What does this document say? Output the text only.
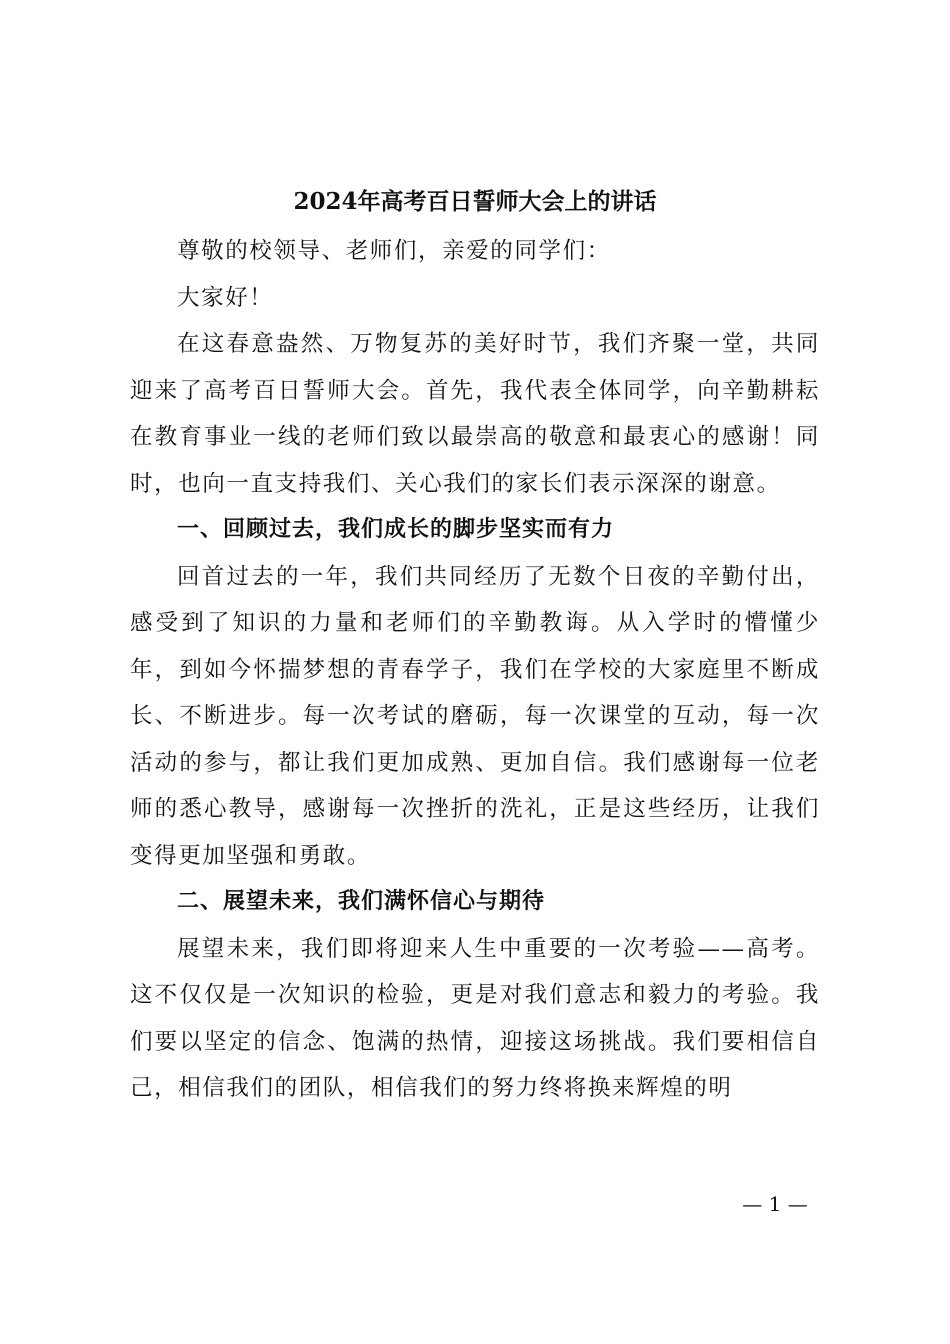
2024年高考百日誓师大会上的讲话

尊敬的校领导、老师们，亲爱的同学们：

大家好！

在这春意盎然、万物复苏的美好时节，我们齐聚一堂，共同迎来了高考百日誓师大会。首先，我代表全体同学，向辛勤耕耘在教育事业一线的老师们致以最崇高的敬意和最衷心的感谢！同时，也向一直支持我们、关心我们的家长们表示深深的谢意。

一、回顾过去，我们成长的脚步坚实而有力

回首过去的一年，我们共同经历了无数个日夜的辛勤付出，感受到了知识的力量和老师们的辛勤教诲。从入学时的懵懂少年，到如今怀揣梦想的青春学子，我们在学校的大家庭里不断成长、不断进步。每一次考试的磨砺，每一次课堂的互动，每一次活动的参与，都让我们更加成熟、更加自信。我们感谢每一位老师的悉心教导，感谢每一次挫折的洗礼，正是这些经历，让我们变得更加坚强和勇敢。

二、展望未来，我们满怀信心与期待

展望未来，我们即将迎来人生中重要的一次考验——高考。这不仅仅是一次知识的检验，更是对我们意志和毅力的考验。我们要以坚定的信念、饱满的热情，迎接这场挑战。我们要相信自己，相信我们的团队，相信我们的努力终将换来辉煌的明

— 1 —
